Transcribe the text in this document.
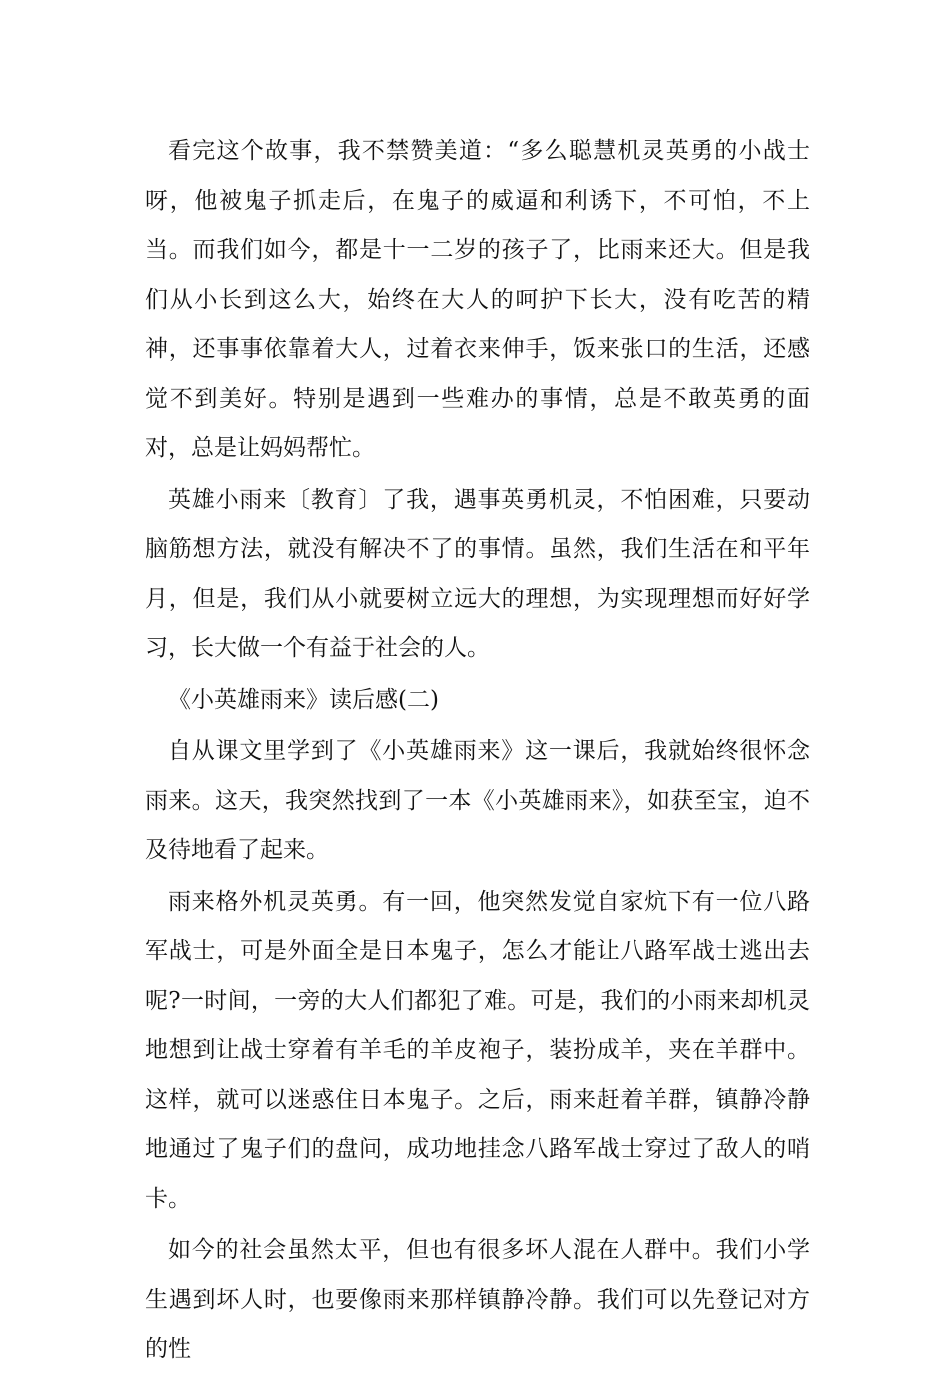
看完这个故事，我不禁赞美道：“多么聪慧机灵英勇的小战士呀，他被鬼子抓走后，在鬼子的威逼和利诱下，不可怕，不上当。而我们如今，都是十一二岁的孩子了，比雨来还大。但是我们从小长到这么大，始终在大人的呵护下长大，没有吃苦的精神，还事事依靠着大人，过着衣来伸手，饭来张口的生活，还感觉不到美好。特别是遇到一些难办的事情，总是不敢英勇的面对，总是让妈妈帮忙。

英雄小雨来〔教育〕了我，遇事英勇机灵，不怕困难，只要动脑筋想方法，就没有解决不了的事情。虽然，我们生活在和平年月，但是，我们从小就要树立远大的理想，为实现理想而好好学习，长大做一个有益于社会的人。

《小英雄雨来》读后感(二)

自从课文里学到了《小英雄雨来》这一课后，我就始终很怀念雨来。这天，我突然找到了一本《小英雄雨来》，如获至宝，迫不及待地看了起来。

雨来格外机灵英勇。有一回，他突然发觉自家炕下有一位八路军战士，可是外面全是日本鬼子，怎么才能让八路军战士逃出去呢?一时间，一旁的大人们都犯了难。可是，我们的小雨来却机灵地想到让战士穿着有羊毛的羊皮袍子，装扮成羊，夹在羊群中。这样，就可以迷惑住日本鬼子。之后，雨来赶着羊群，镇静冷静地通过了鬼子们的盘问，成功地挂念八路军战士穿过了敌人的哨卡。

如今的社会虽然太平，但也有很多坏人混在人群中。我们小学生遇到坏人时，也要像雨来那样镇静冷静。我们可以先登记对方的性
